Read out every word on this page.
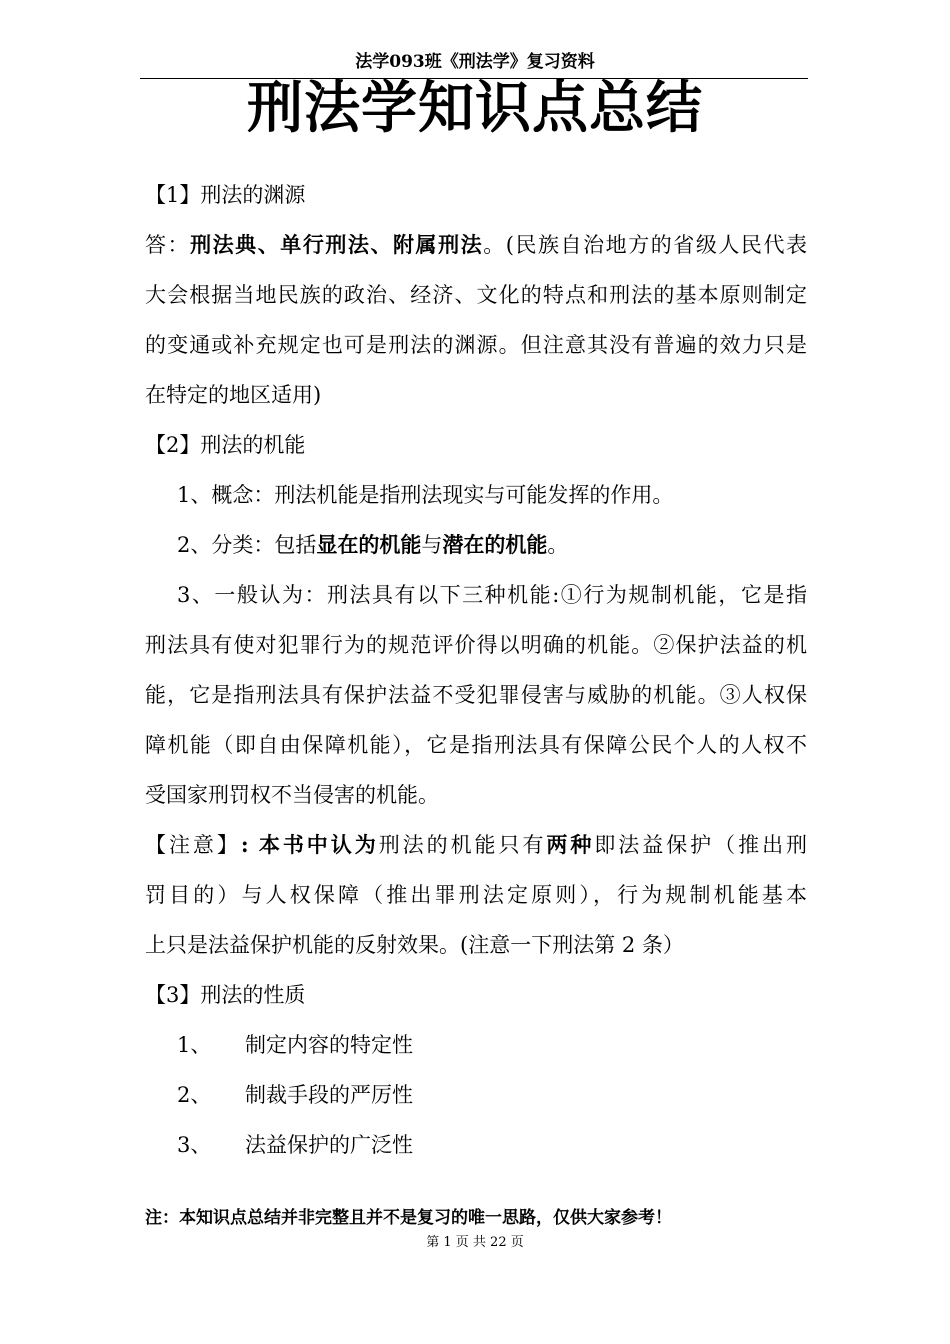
法学093班《刑法学》复习资料
刑法学知识点总结
【1】刑法的渊源
答：刑法典、单行刑法、附属刑法。(民族自治地方的省级人民代表
大会根据当地民族的政治、经济、文化的特点和刑法的基本原则制定
的变通或补充规定也可是刑法的渊源。但注意其没有普遍的效力只是
在特定的地区适用)
【2】刑法的机能
1、概念：刑法机能是指刑法现实与可能发挥的作用。
2、分类：包括显在的机能与潜在的机能。
3、一般认为：刑法具有以下三种机能:①行为规制机能，它是指
刑法具有使对犯罪行为的规范评价得以明确的机能。②保护法益的机
能，它是指刑法具有保护法益不受犯罪侵害与威胁的机能。③人权保
障机能（即自由保障机能），它是指刑法具有保障公民个人的人权不
受国家刑罚权不当侵害的机能。
【注意】: 本书中认为刑法的机能只有两种即法益保护（推出刑
罚目的）与人权保障（推出罪刑法定原则），行为规制机能基本
上只是法益保护机能的反射效果。(注意一下刑法第 2 条）
【3】刑法的性质
1、 制定内容的特定性
2、 制裁手段的严厉性
3、 法益保护的广泛性
注：本知识点总结并非完整且并不是复习的唯一思路，仅供大家参考！
第 1 页 共 22 页
